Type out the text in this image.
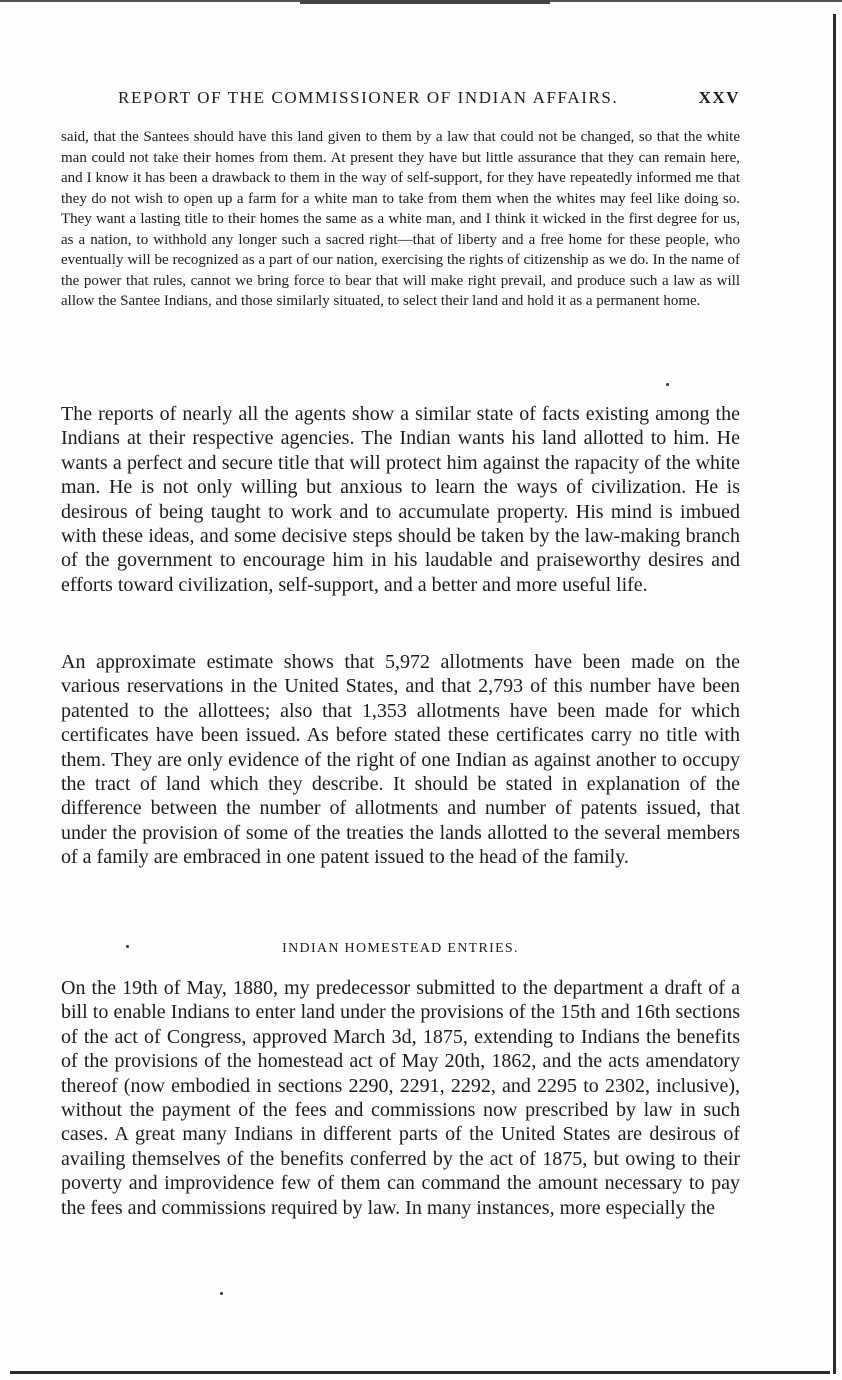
REPORT OF THE COMMISSIONER OF INDIAN AFFAIRS.	XXV
said, that the Santees should have this land given to them by a law that could not be changed, so that the white man could not take their homes from them. At present they have but little assurance that they can remain here, and I know it has been a drawback to them in the way of self-support, for they have repeatedly informed me that they do not wish to open up a farm for a white man to take from them when the whites may feel like doing so. They want a lasting title to their homes the same as a white man, and I think it wicked in the first degree for us, as a nation, to withhold any longer such a sacred right—that of liberty and a free home for these people, who eventually will be recognized as a part of our nation, exercising the rights of citizenship as we do. In the name of the power that rules, cannot we bring force to bear that will make right prevail, and produce such a law as will allow the Santee Indians, and those similarly situated, to select their land and hold it as a permanent home.
The reports of nearly all the agents show a similar state of facts existing among the Indians at their respective agencies. The Indian wants his land allotted to him. He wants a perfect and secure title that will protect him against the rapacity of the white man. He is not only willing but anxious to learn the ways of civilization. He is desirous of being taught to work and to accumulate property. His mind is imbued with these ideas, and some decisive steps should be taken by the law-making branch of the government to encourage him in his laudable and praiseworthy desires and efforts toward civilization, self-support, and a better and more useful life.
An approximate estimate shows that 5,972 allotments have been made on the various reservations in the United States, and that 2,793 of this number have been patented to the allottees; also that 1,353 allotments have been made for which certificates have been issued. As before stated these certificates carry no title with them. They are only evidence of the right of one Indian as against another to occupy the tract of land which they describe. It should be stated in explanation of the difference between the number of allotments and number of patents issued, that under the provision of some of the treaties the lands allotted to the several members of a family are embraced in one patent issued to the head of the family.
INDIAN HOMESTEAD ENTRIES.
On the 19th of May, 1880, my predecessor submitted to the department a draft of a bill to enable Indians to enter land under the provisions of the 15th and 16th sections of the act of Congress, approved March 3d, 1875, extending to Indians the benefits of the provisions of the homestead act of May 20th, 1862, and the acts amendatory thereof (now embodied in sections 2290, 2291, 2292, and 2295 to 2302, inclusive), without the payment of the fees and commissions now prescribed by law in such cases. A great many Indians in different parts of the United States are desirous of availing themselves of the benefits conferred by the act of 1875, but owing to their poverty and improvidence few of them can command the amount necessary to pay the fees and commissions required by law. In many instances, more especially the
